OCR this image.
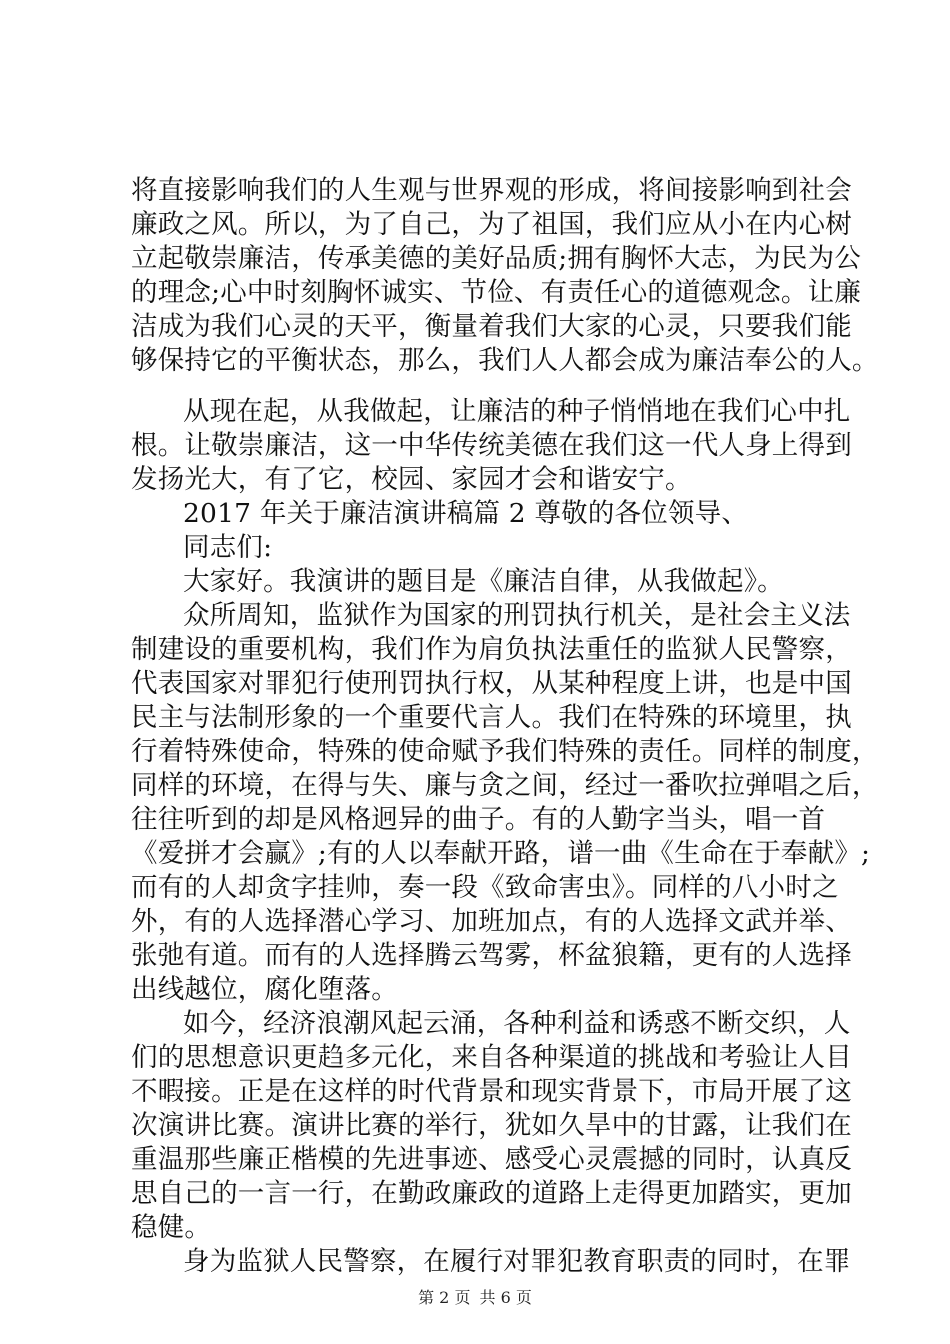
将直接影响我们的人生观与世界观的形成，将间接影响到社会
廉政之风。所以，为了自己，为了祖国，我们应从小在内心树
立起敬崇廉洁，传承美德的美好品质;拥有胸怀大志，为民为公
的理念;心中时刻胸怀诚实、节俭、有责任心的道德观念。让廉
洁成为我们心灵的天平，衡量着我们大家的心灵，只要我们能
够保持它的平衡状态，那么，我们人人都会成为廉洁奉公的人。
从现在起，从我做起，让廉洁的种子悄悄地在我们心中扎
根。让敬崇廉洁，这一中华传统美德在我们这一代人身上得到
发扬光大，有了它，校园、家园才会和谐安宁。
2017 年关于廉洁演讲稿篇 2 尊敬的各位领导、
同志们:
大家好。我演讲的题目是《廉洁自律，从我做起》。
众所周知，监狱作为国家的刑罚执行机关，是社会主义法
制建设的重要机构，我们作为肩负执法重任的监狱人民警察，
代表国家对罪犯行使刑罚执行权，从某种程度上讲，也是中国
民主与法制形象的一个重要代言人。我们在特殊的环境里，执
行着特殊使命，特殊的使命赋予我们特殊的责任。同样的制度，
同样的环境，在得与失、廉与贪之间，经过一番吹拉弹唱之后，
往往听到的却是风格迥异的曲子。有的人勤字当头，唱一首
《爱拼才会赢》;有的人以奉献开路，谱一曲《生命在于奉献》;
而有的人却贪字挂帅，奏一段《致命害虫》。同样的八小时之
外，有的人选择潜心学习、加班加点，有的人选择文武并举、
张弛有道。而有的人选择腾云驾雾，杯盆狼籍，更有的人选择
出线越位，腐化堕落。
如今，经济浪潮风起云涌，各种利益和诱惑不断交织，人
们的思想意识更趋多元化，来自各种渠道的挑战和考验让人目
不暇接。正是在这样的时代背景和现实背景下，市局开展了这
次演讲比赛。演讲比赛的举行，犹如久旱中的甘露，让我们在
重温那些廉正楷模的先进事迹、感受心灵震撼的同时，认真反
思自己的一言一行，在勤政廉政的道路上走得更加踏实，更加
稳健。
身为监狱人民警察，在履行对罪犯教育职责的同时，在罪
第 2 页 共 6 页
